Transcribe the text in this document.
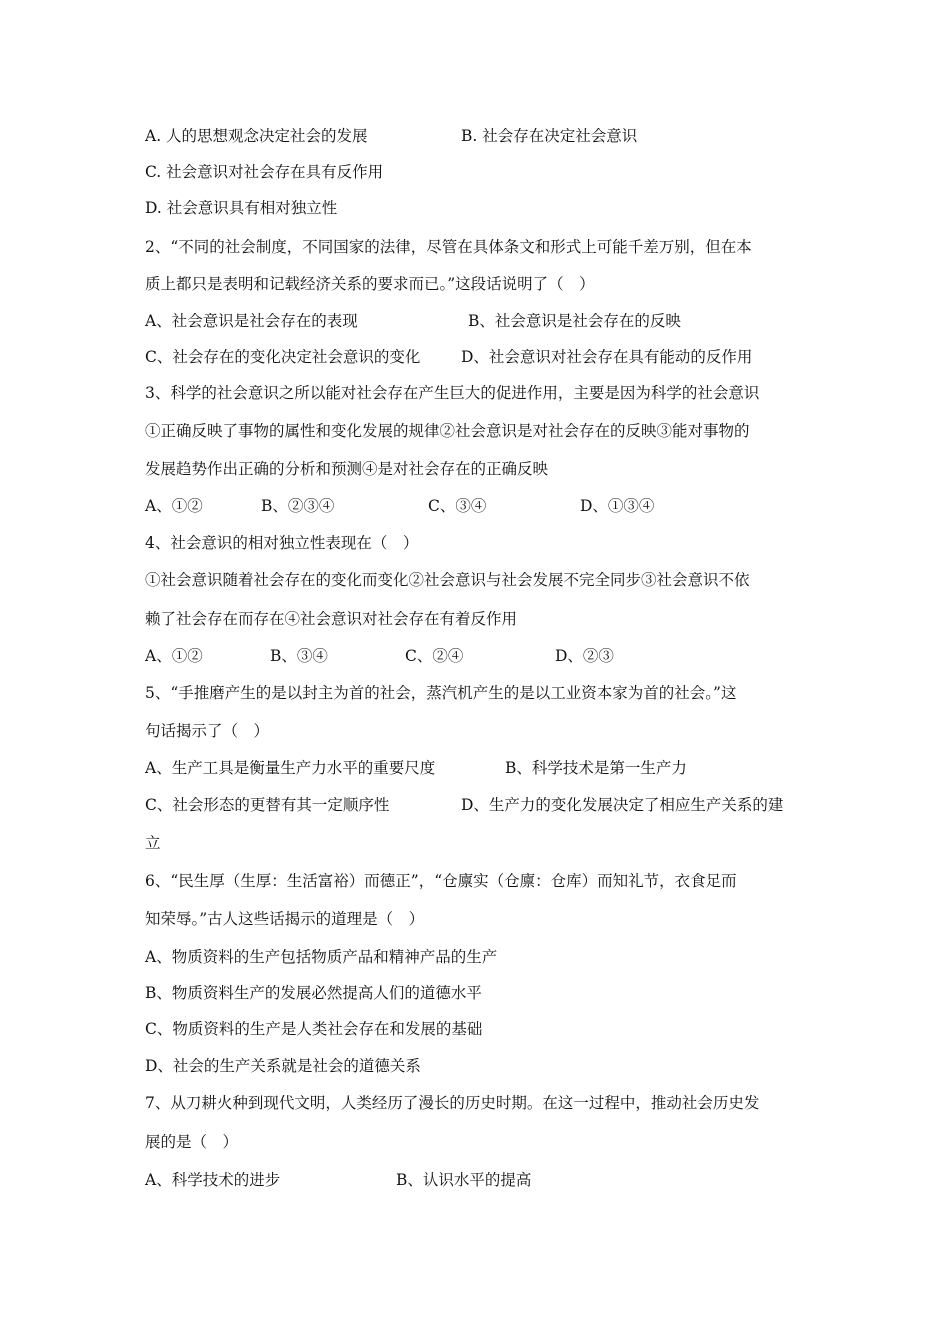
A. 人的思想观念决定社会的发展	B. 社会存在决定社会意识
C. 社会意识对社会存在具有反作用
D. 社会意识具有相对独立性
2、“不同的社会制度，不同国家的法律，尽管在具体条文和形式上可能千差万别，但在本
质上都只是表明和记载经济关系的要求而已。”这段话说明了（　）
A、社会意识是社会存在的表现	B、社会意识是社会存在的反映
C、社会存在的变化决定社会意识的变化	D、社会意识对社会存在具有能动的反作用
3、科学的社会意识之所以能对社会存在产生巨大的促进作用，主要是因为科学的社会意识
①正确反映了事物的属性和变化发展的规律②社会意识是对社会存在的反映③能对事物的
发展趋势作出正确的分析和预测④是对社会存在的正确反映
A、①②	B、②③④	C、③④	D、①③④
4、社会意识的相对独立性表现在（　）
①社会意识随着社会存在的变化而变化②社会意识与社会发展不完全同步③社会意识不依
赖了社会存在而存在④社会意识对社会存在有着反作用
A、①②	B、③④	C、②④	D、②③
5、“手推磨产生的是以封主为首的社会，蒸汽机产生的是以工业资本家为首的社会。”这
句话揭示了（　）
A、生产工具是衡量生产力水平的重要尺度	B、科学技术是第一生产力
C、社会形态的更替有其一定顺序性	D、生产力的变化发展决定了相应生产关系的建
立
6、“民生厚（生厚：生活富裕）而德正”，“仓廪实（仓廪：仓库）而知礼节，衣食足而
知荣辱。”古人这些话揭示的道理是（　）
A、物质资料的生产包括物质产品和精神产品的生产
B、物质资料生产的发展必然提高人们的道德水平
C、物质资料的生产是人类社会存在和发展的基础
D、社会的生产关系就是社会的道德关系
7、从刀耕火种到现代文明，人类经历了漫长的历史时期。在这一过程中，推动社会历史发
展的是（　）
A、科学技术的进步	B、认识水平的提高
